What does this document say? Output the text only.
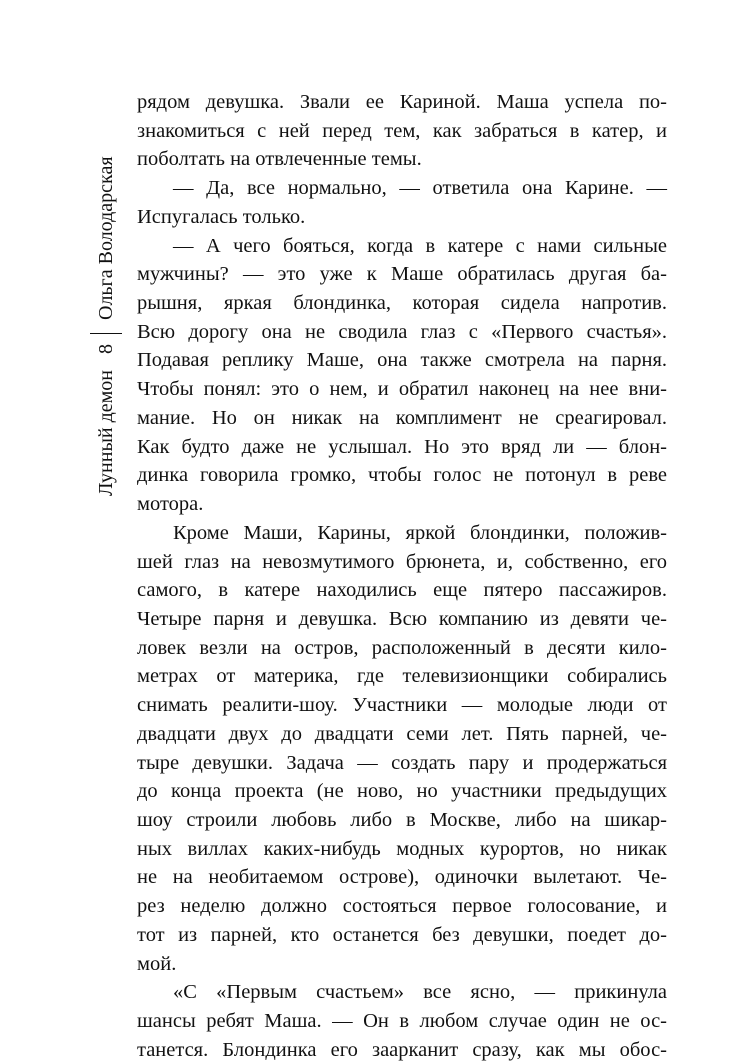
Лунный демон
8
Ольга Володарская
рядом девушка. Звали ее Кариной. Маша успела по-
знакомиться с ней перед тем, как забраться в катер, и
поболтать на отвлеченные темы.
— Да, все нормально, — ответила она Карине. —
Испугалась только.
— А чего бояться, когда в катере с нами сильные
мужчины? — это уже к Маше обратилась другая ба-
рышня, яркая блондинка, которая сидела напротив.
Всю дорогу она не сводила глаз с «Первого счастья».
Подавая реплику Маше, она также смотрела на парня.
Чтобы понял: это о нем, и обратил наконец на нее вни-
мание. Но он никак на комплимент не среагировал.
Как будто даже не услышал. Но это вряд ли — блон-
динка говорила громко, чтобы голос не потонул в реве
мотора.
Кроме Маши, Карины, яркой блондинки, положив-
шей глаз на невозмутимого брюнета, и, собственно, его
самого, в катере находились еще пятеро пассажиров.
Четыре парня и девушка. Всю компанию из девяти че-
ловек везли на остров, расположенный в десяти кило-
метрах от материка, где телевизионщики собирались
снимать реалити-шоу. Участники — молодые люди от
двадцати двух до двадцати семи лет. Пять парней, че-
тыре девушки. Задача — создать пару и продержаться
до конца проекта (не ново, но участники предыдущих
шоу строили любовь либо в Москве, либо на шикар-
ных виллах каких-нибудь модных курортов, но никак
не на необитаемом острове), одиночки вылетают. Че-
рез неделю должно состояться первое голосование, и
тот из парней, кто останется без девушки, поедет до-
мой.
«С «Первым счастьем» все ясно, — прикинула
шансы ребят Маша. — Он в любом случае один не ос-
танется. Блондинка его заарканит сразу, как мы обос-
